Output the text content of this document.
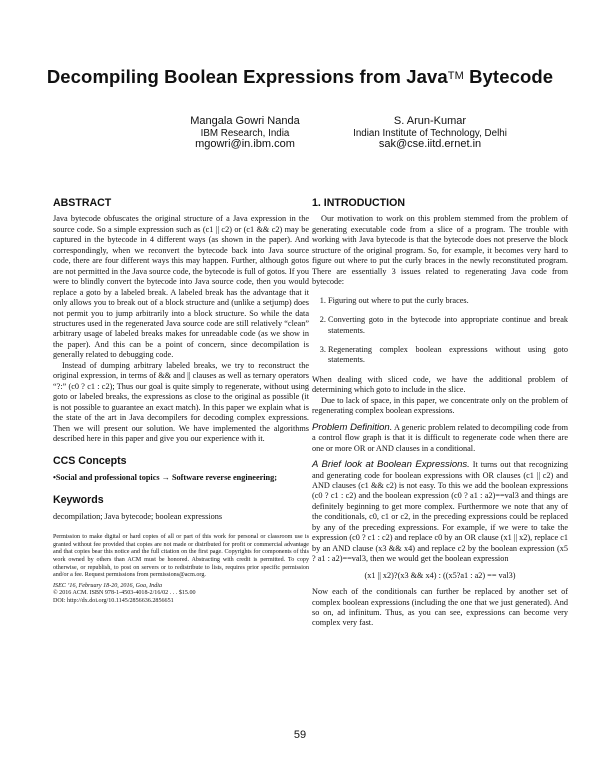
Decompiling Boolean Expressions from Java™ Bytecode
Mangala Gowri Nanda
IBM Research, India
mgowri@in.ibm.com
S. Arun-Kumar
Indian Institute of Technology, Delhi
sak@cse.iitd.ernet.in
ABSTRACT

Java bytecode obfuscates the original structure of a Java expression in the source code. So a simple expression such as (c1 || c2) or (c1 && c2) may be captured in the bytecode in 4 different ways (as shown in the paper). And correspondingly, when we reconvert the bytecode back into Java source code, there are four different ways this may happen. Further, although gotos are not permitted in the Java source code, the bytecode is full of gotos. If you were to blindly convert the bytecode into Java source code, then you would replace a goto by a labeled break. A labeled break has the advantage that it only allows you to break out of a block structure and (unlike a setjump) does not permit you to jump arbitrarily into a block structure. So while the data structures used in the regenerated Java source code are still relatively “clean” arbitrary usage of labeled breaks makes for unreadable code (as we show in the paper). And this can be a point of concern, since decompilation is generally related to debugging code.

Instead of dumping arbitrary labeled breaks, we try to reconstruct the original expression, in terms of && and || clauses as well as ternary operators “?:” (c0 ? c1 : c2); Thus our goal is quite simply to regenerate, without using goto or labeled breaks, the expressions as close to the original as possible (it is not possible to guarantee an exact match). In this paper we explain what is the state of the art in Java decompilers for decoding complex expressions. Then we will present our solution. We have implemented the algorithms described here in this paper and give you our experience with it.

CCS Concepts

•Social and professional topics → Software reverse engineering;

Keywords

decompilation; Java bytecode; boolean expressions

Permission to make digital or hard copies of all or part of this work for personal or classroom use is granted without fee provided that copies are not made or distributed for profit or commercial advantage and that copies bear this notice and the full citation on the first page. Copyrights for components of this work owned by others than ACM must be honored. Abstracting with credit is permitted. To copy otherwise, or republish, to post on servers or to redistribute to lists, requires prior specific permission and/or a fee. Request permissions from permissions@acm.org.

ISEC ’16, February 18-20, 2016, Goa, India

© 2016 ACM. ISBN 978-1-4503-4018-2/16/02 . . . $15.00

DOI: http://dx.doi.org/10.1145/2856636.2856651

1. INTRODUCTION

Our motivation to work on this problem stemmed from the problem of generating executable code from a slice of a program. The trouble with working with Java bytecode is that the bytecode does not preserve the block structure of the original program. So, for example, it becomes very hard to figure out where to put the curly braces in the newly reconstituted program. There are essentially 3 issues related to regenerating Java code from bytecode:

1. Figuring out where to put the curly braces.
2. Converting goto in the bytecode into appropriate continue and break statements.
3. Regenerating complex boolean expressions without using goto statements.

When dealing with sliced code, we have the additional problem of determining which goto to include in the slice.

Due to lack of space, in this paper, we concentrate only on the problem of regenerating complex boolean expressions.

Problem Definition. A generic problem related to decompiling code from a control flow graph is that it is difficult to regenerate code when there are one or more OR or AND clauses in a conditional.

A Brief look at Boolean Expressions. It turns out that recognizing and generating code for boolean expressions with OR clauses (c1 || c2) and AND clauses (c1 && c2) is not easy. To this we add the boolean expressions (c0 ? c1 : c2) and the boolean expression (c0 ? a1 : a2)==val3 and things are definitely beginning to get more complex. Furthermore we note that any of the conditionals, c0, c1 or c2, in the preceding expressions could be replaced by any of the preceding expressions. For example, if we were to take the expression (c0 ? c1 : c2) and replace c0 by an OR clause (x1 || x2), replace c1 by an AND clause (x3 && x4) and replace c2 by the boolean expression (x5 ? a1 : a2)==val3, then we would get the boolean expression

(x1 || x2)?(x3 && x4) : ((x5?a1 : a2) == val3)

Now each of the conditionals can further be replaced by another set of complex boolean expressions (including the one that we just generated). And so on, ad infinitum. Thus, as you can see, expressions can become very complex very fast.

59
